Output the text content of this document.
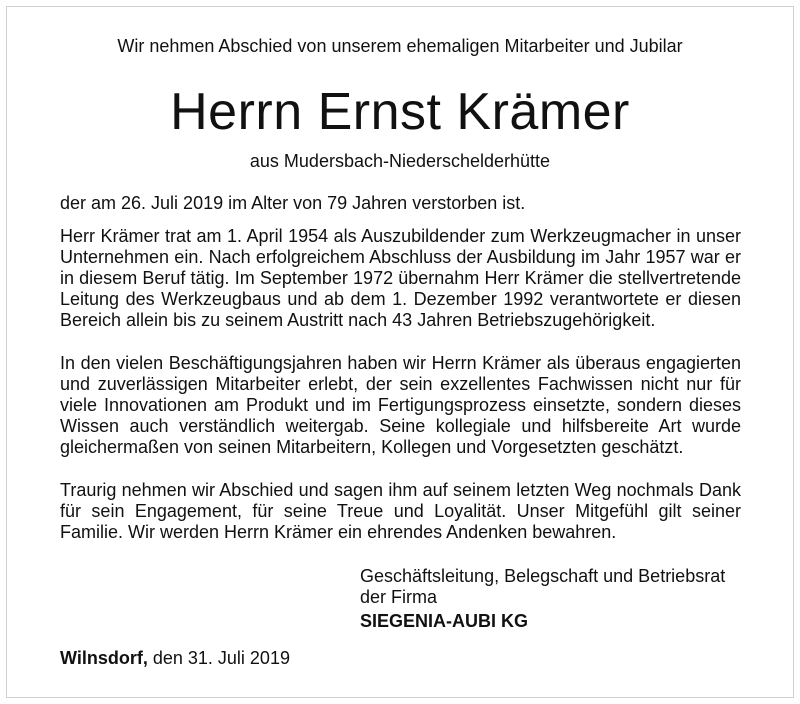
Wir nehmen Abschied von unserem ehemaligen Mitarbeiter und Jubilar
Herrn Ernst Krämer
aus Mudersbach-Niederschelderhütte
der am 26. Juli 2019 im Alter von 79 Jahren verstorben ist.
Herr Krämer trat am 1. April 1954 als Auszubildender zum Werkzeugmacher in unser Unternehmen ein. Nach erfolgreichem Abschluss der Ausbildung im Jahr 1957 war er in diesem Beruf tätig. Im September 1972 übernahm Herr Krämer die stellvertretende Leitung des Werkzeugbaus und ab dem 1. Dezember 1992 verantwortete er diesen Bereich allein bis zu seinem Austritt nach 43 Jahren Betriebszugehörigkeit.
In den vielen Beschäftigungsjahren haben wir Herrn Krämer als überaus engagierten und zuverlässigen Mitarbeiter erlebt, der sein exzellentes Fachwissen nicht nur für viele Innovationen am Produkt und im Fertigungsprozess einsetzte, sondern dieses Wissen auch verständlich weitergab. Seine kollegiale und hilfsbereite Art wurde gleichermaßen von seinen Mitarbeitern, Kollegen und Vorgesetzten geschätzt.
Traurig nehmen wir Abschied und sagen ihm auf seinem letzten Weg nochmals Dank für sein Engagement, für seine Treue und Loyalität. Unser Mitgefühl gilt seiner Familie. Wir werden Herrn Krämer ein ehrendes Andenken bewahren.
Geschäftsleitung, Belegschaft und Betriebsrat
der Firma
SIEGENIA-AUBI KG
Wilnsdorf, den 31. Juli 2019
